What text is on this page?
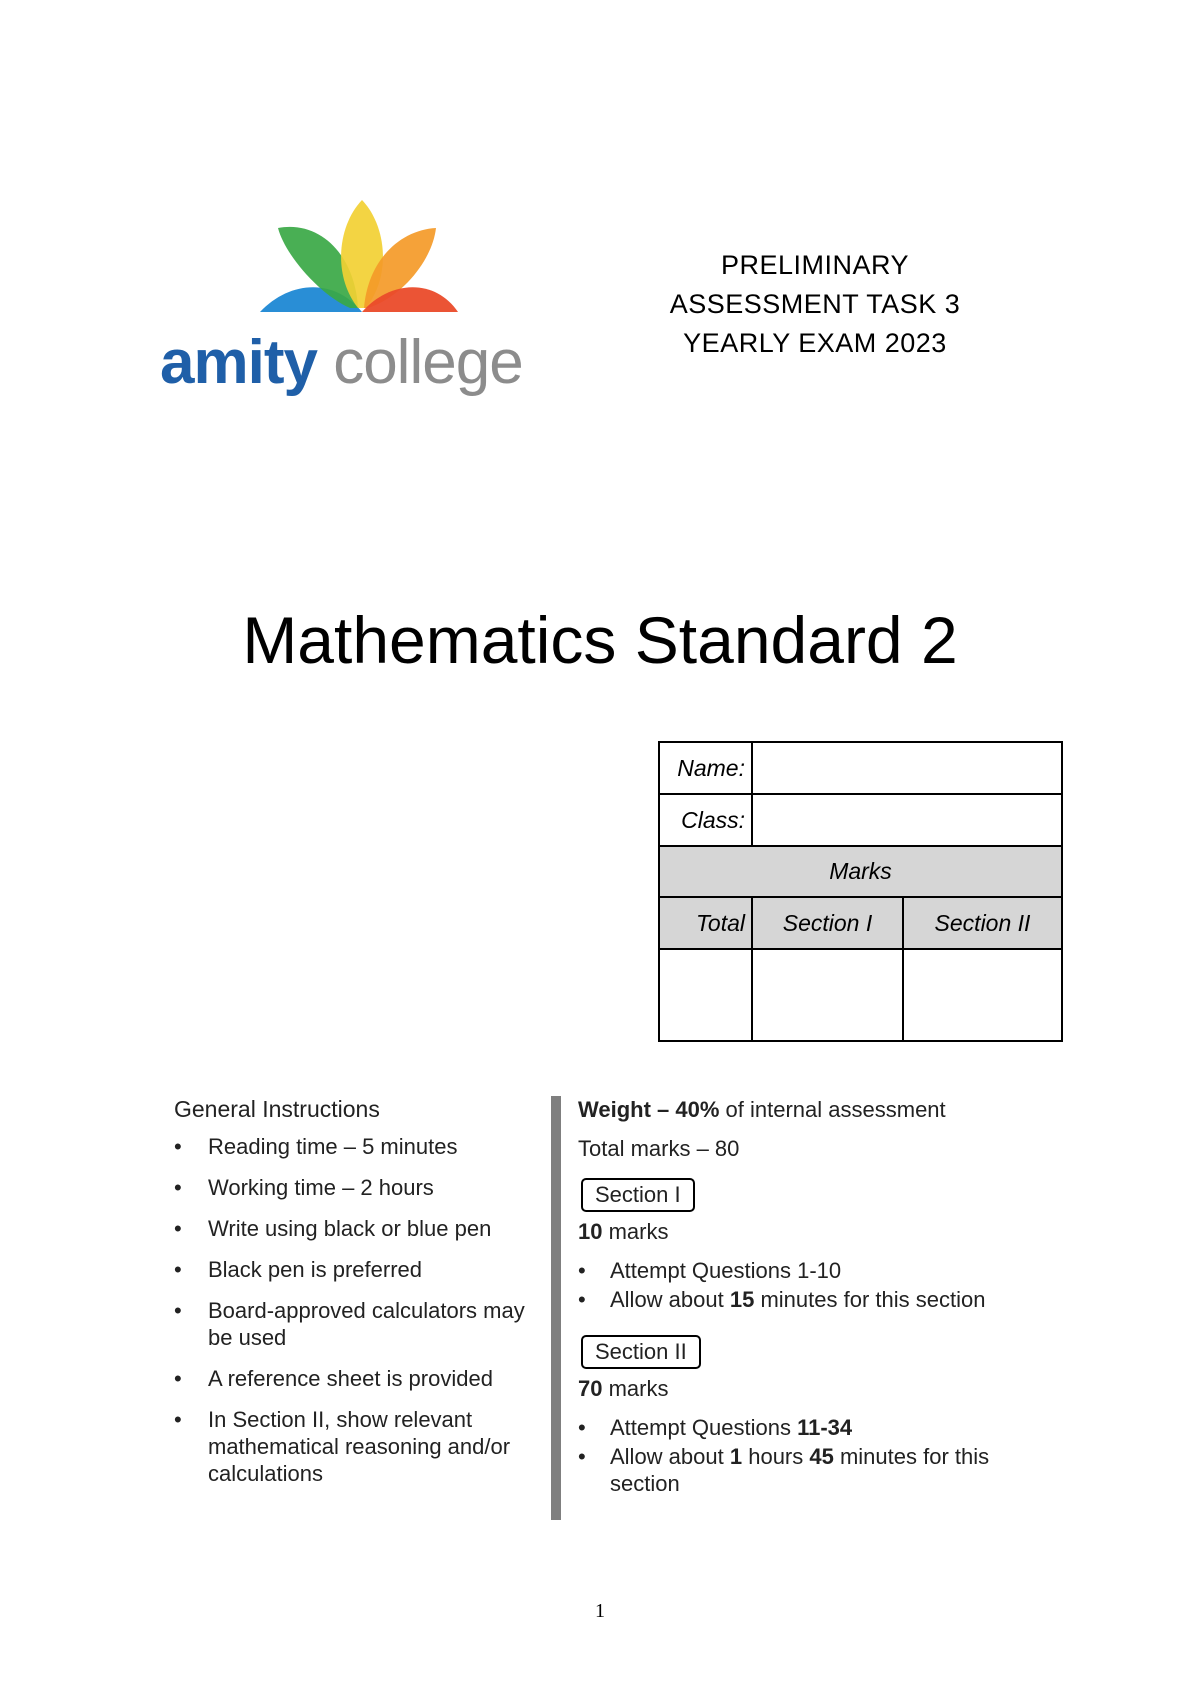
amity college
PRELIMINARY
ASSESSMENT TASK 3
YEARLY EXAM 2023
Mathematics Standard 2
Name:		
Class:		
Marks		
Total	Section I	Section II

General Instructions
• Reading time – 5 minutes
• Working time – 2 hours
• Write using black or blue pen
• Black pen is preferred
• Board-approved calculators may be used
• A reference sheet is provided
• In Section II, show relevant mathematical reasoning and/or calculations
Weight – 40% of internal assessment
Total marks – 80
Section I
10 marks
• Attempt Questions 1-10
• Allow about 15 minutes for this section
Section II
70 marks
• Attempt Questions 11-34
• Allow about 1 hours 45 minutes for this section
1
